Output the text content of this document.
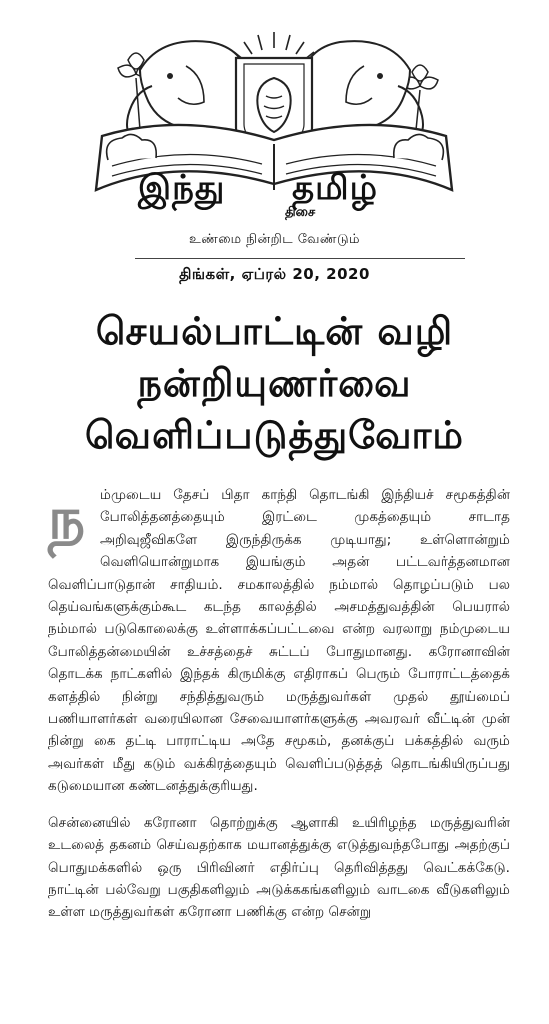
இந்து தமிழ்
திசை
உண்மை நின்றிட வேண்டும்
திங்கள், ஏப்ரல் 20, 2020
செயல்பாட்டின் வழி
நன்றியுணர்வை
வெளிப்படுத்துவோம்

ந	ம்முடைய தேசப் பிதா காந்தி தொடங்கி இந்தியச் சமூகத்தின் போலித்தனத்தையும் இரட்டை முகத்தையும் சாடாத அறிவுஜீவிகளே இருந்திருக்க முடியாது; உள்ளொன்றும் வெளியொன்றுமாக இயங்கும் அதன் பட்டவர்த்தனமான வெளிப்பாடுதான் சாதியம். சமகாலத்தில் நம்மால் தொழப்படும் பல தெய்வங்களுக்கும்கூட கடந்த காலத்தில் அசமத்துவத்தின் பெயரால் நம்மால் படுகொலைக்கு உள்ளாக்கப்பட்டவை என்ற வரலாறு நம்முடைய போலித்தன்மையின் உச்சத்தைச் சுட்டப் போதுமானது. கரோனாவின் தொடக்க நாட்களில் இந்தக் கிருமிக்கு எதிராகப் பெரும் போராட்டத்தைக் களத்தில் நின்று சந்தித்துவரும் மருத்துவர்கள் முதல் தூய்மைப் பணியாளர்கள் வரையிலான சேவையாளர்களுக்கு அவரவர் வீட்டின் முன் நின்று கை தட்டி பாராட்டிய அதே சமூகம், தனக்குப் பக்கத்தில் வரும் அவர்கள் மீது கடும் வக்கிரத்தையும் வெளிப்படுத்தத் தொடங்கியிருப்பது கடுமையான கண்டனத்துக்குரியது.

சென்னையில் கரோனா தொற்றுக்கு ஆளாகி உயிரிழந்த மருத்துவரின் உடலைத் தகனம் செய்வதற்காக மயானத்துக்கு எடுத்துவந்தபோது அதற்குப் பொதுமக்களில் ஒரு பிரிவினர் எதிர்ப்பு தெரிவித்தது வெட்கக்கேடு. நாட்டின் பல்வேறு பகுதிகளிலும் அடுக்ககங்களிலும் வாடகை வீடுகளிலும் உள்ள மருத்துவர்கள் கரோனா பணிக்கு என்ற சென்று
